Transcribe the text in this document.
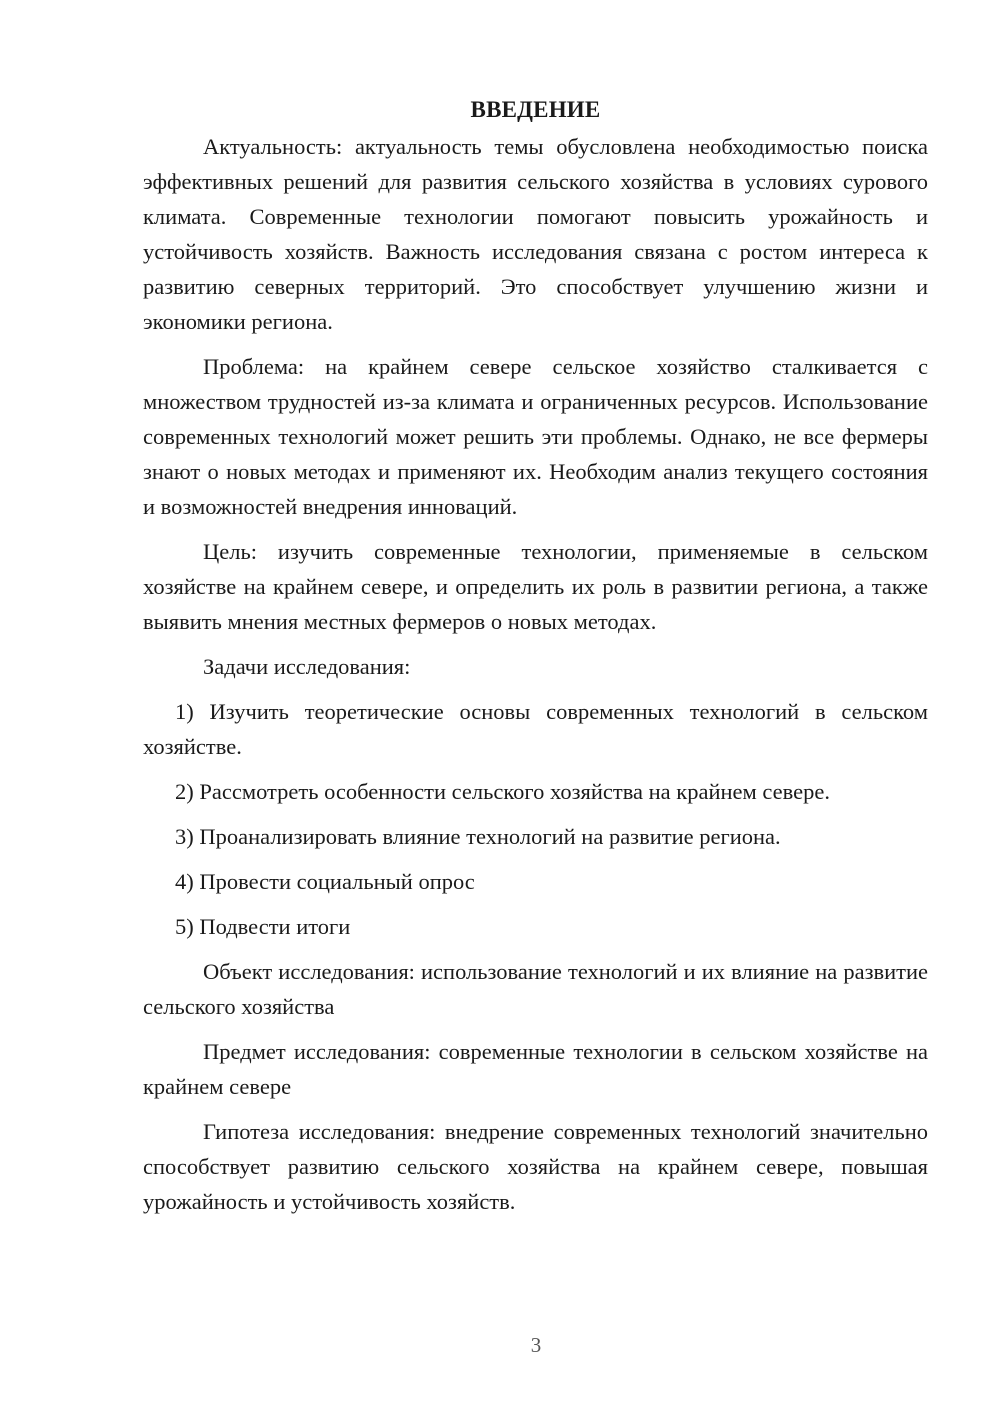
ВВЕДЕНИЕ

Актуальность: актуальность темы обусловлена необходимостью поиска эффективных решений для развития сельского хозяйства в условиях сурового климата. Современные технологии помогают повысить урожайность и устойчивость хозяйств. Важность исследования связана с ростом интереса к развитию северных территорий. Это способствует улучшению жизни и экономики региона.

Проблема: на крайнем севере сельское хозяйство сталкивается с множеством трудностей из-за климата и ограниченных ресурсов. Использование современных технологий может решить эти проблемы. Однако, не все фермеры знают о новых методах и применяют их. Необходим анализ текущего состояния и возможностей внедрения инноваций.

Цель: изучить современные технологии, применяемые в сельском хозяйстве на крайнем севере, и определить их роль в развитии региона, а также выявить мнения местных фермеров о новых методах.

Задачи исследования:

1) Изучить теоретические основы современных технологий в сельском хозяйстве.

2) Рассмотреть особенности сельского хозяйства на крайнем севере.

3) Проанализировать влияние технологий на развитие региона.

4) Провести социальный опрос

5) Подвести итоги

Объект исследования: использование технологий и их влияние на развитие сельского хозяйства

Предмет исследования: современные технологии в сельском хозяйстве на крайнем севере

Гипотеза исследования: внедрение современных технологий значительно способствует развитию сельского хозяйства на крайнем севере, повышая урожайность и устойчивость хозяйств.

3
